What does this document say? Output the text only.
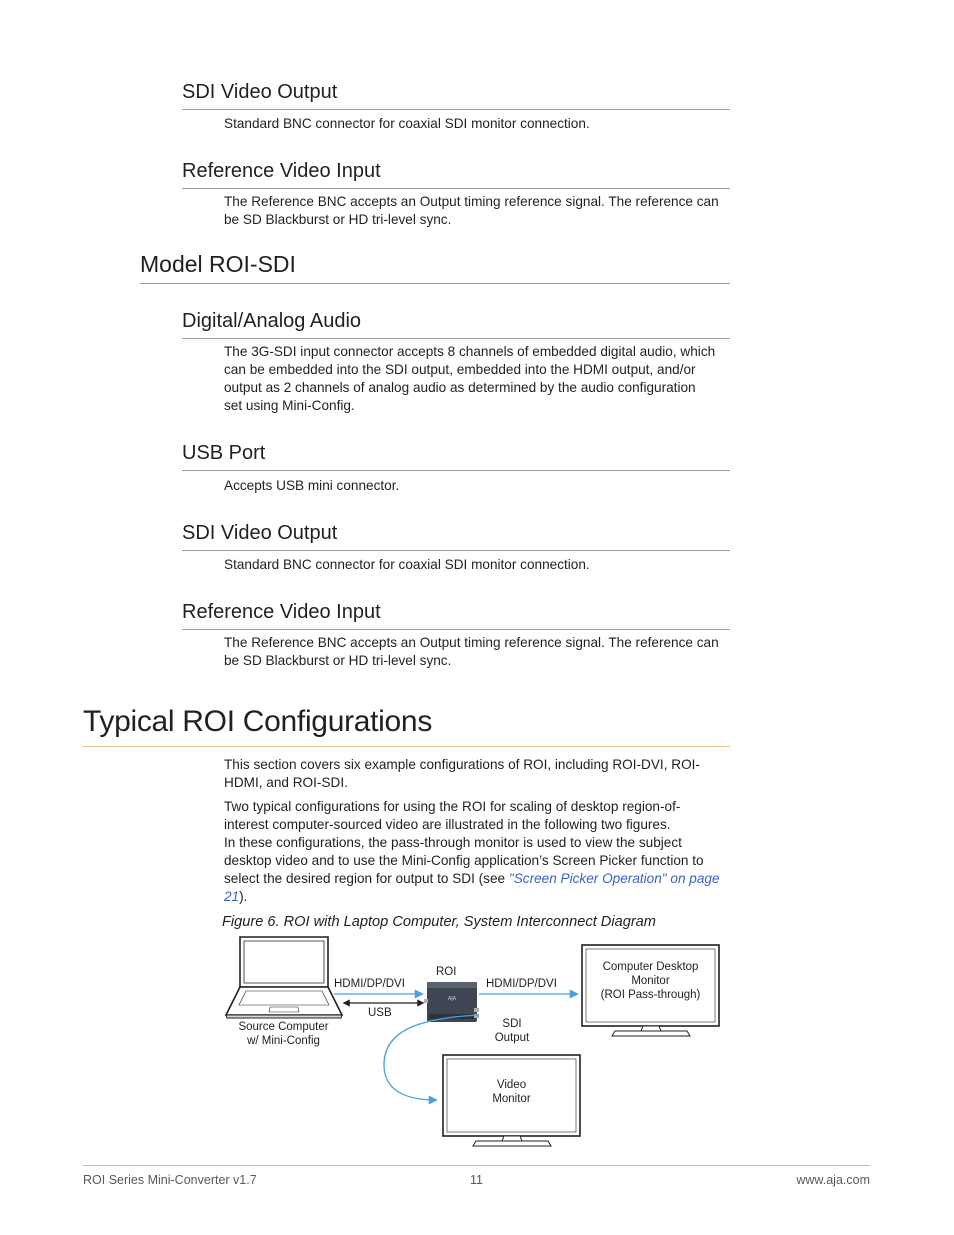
SDI Video Output

Standard BNC connector for coaxial SDI monitor connection.

Reference Video Input

The Reference BNC accepts an Output timing reference signal. The reference can
be SD Blackburst or HD tri-level sync.

Model ROI-SDI
Digital/Analog Audio

The 3G-SDI input connector accepts 8 channels of embedded digital audio, which
can be embedded into the SDI output, embedded into the HDMI output, and/or
output as 2 channels of analog audio as determined by the audio configuration
set using Mini-Config.

USB Port

Accepts USB mini connector.

SDI Video Output

Standard BNC connector for coaxial SDI monitor connection.

Reference Video Input

The Reference BNC accepts an Output timing reference signal. The reference can
be SD Blackburst or HD tri-level sync.

Typical ROI Configurations

This section covers six example configurations of ROI, including ROI-DVI, ROI-
HDMI, and ROI-SDI.

Two typical configurations for using the ROI for scaling of desktop region-of-
interest computer-sourced video are illustrated in the following two figures.
In these configurations, the pass-through monitor is used to view the subject
desktop video and to use the Mini-Config application’s Screen Picker function to
select the desired region for output to SDI (see "Screen Picker Operation" on page
21).

Figure 6. ROI with Laptop Computer, System Interconnect Diagram

AJA
Source Computer
w/ Mini-Config
HDMI/DP/DVI
ROI
HDMI/DP/DVI
USB
SDI
Output
Computer Desktop
Monitor
(ROI Pass-through)
Video
Monitor
ROI Series Mini-Converter v1.7	11	www.aja.com
